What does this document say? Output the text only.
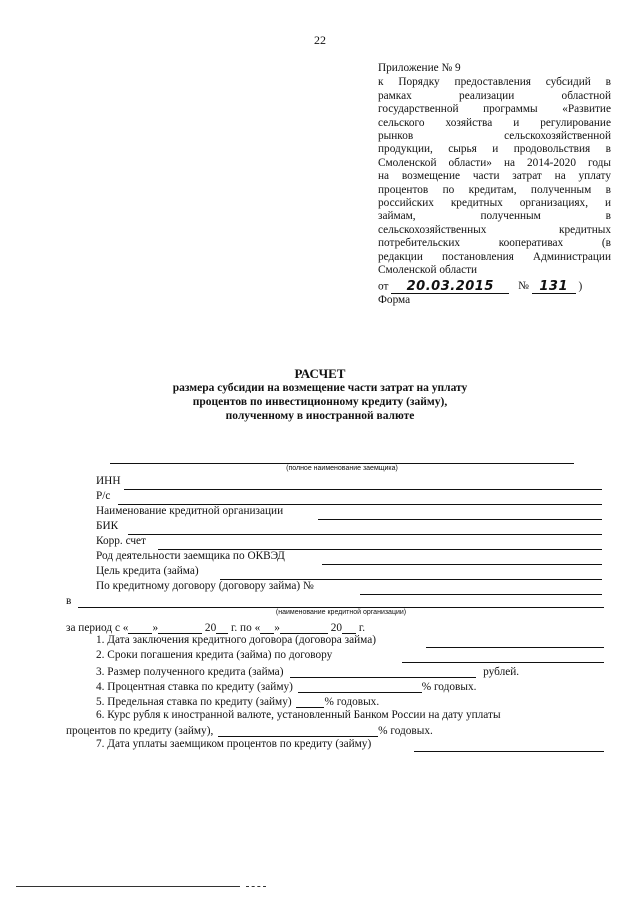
22
Приложение № 9
к Порядку предоставления субсидий в
рамках реализации областной
государственной программы «Развитие
сельского хозяйства и регулирование
рынков сельскохозяйственной
продукции, сырья и продовольствия в
Смоленской области» на 2014-2020 годы
на возмещение части затрат на уплату
процентов по кредитам, полученным в
российских кредитных организациях, и
займам, полученным в
сельскохозяйственных кредитных
потребительских кооперативах (в
редакции постановления Администрации
Смоленской области
от 20.03.2015 № 131 )
Форма
РАСЧЕТ
размера субсидии на возмещение части затрат на уплату
процентов по инвестиционному кредиту (займу),
полученному в иностранной валюте
(полное наименование заемщика)
ИНН
Р/с
Наименование кредитной организации
БИК
Корр. счет
Род деятельности заемщика по ОКВЭД
Цель кредита (займа)
По кредитному договору (договору займа) №
в
(наименование кредитной организации)
за период с « »	20 г. по « »	20 г.
1. Дата заключения кредитного договора (договора займа)
2. Сроки погашения кредита (займа) по договору
3. Размер полученного кредита (займа)	рублей.
4. Процентная ставка по кредиту (займу)	% годовых.
5. Предельная ставка по кредиту (займу)	% годовых.
6. Курс рубля к иностранной валюте, установленный Банком России на дату уплаты
процентов по кредиту (займу),	% годовых.
7. Дата уплаты заемщиком процентов по кредиту (займу)
